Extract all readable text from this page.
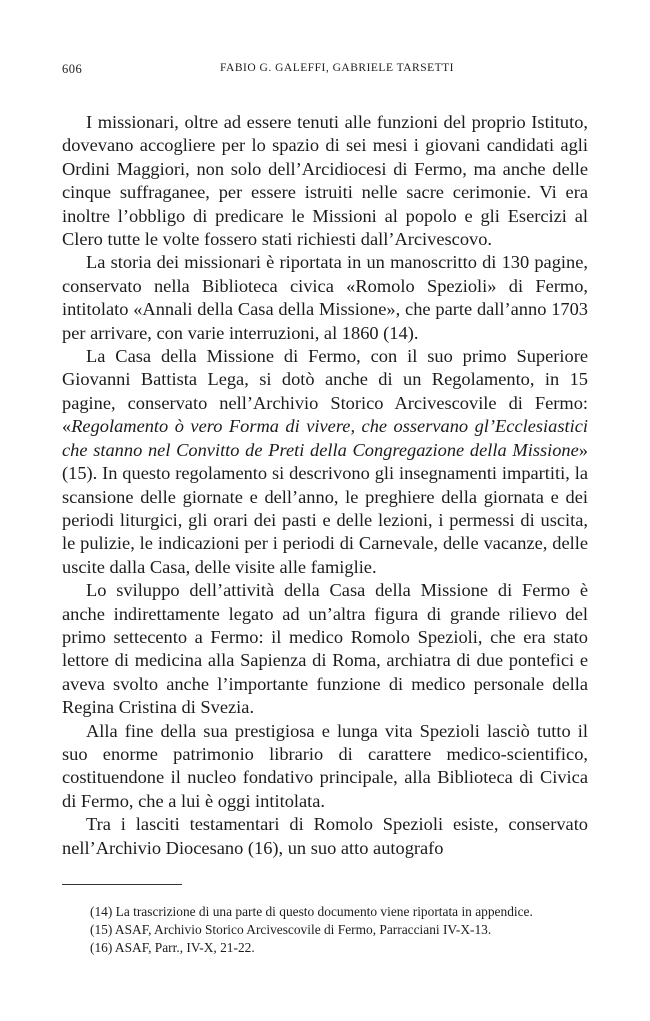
606	FABIO G. GALEFFI, GABRIELE TARSETTI

I missionari, oltre ad essere tenuti alle funzioni del proprio Istituto, dovevano accogliere per lo spazio di sei mesi i giovani candidati agli Ordini Maggiori, non solo dell’Arcidiocesi di Fermo, ma anche delle cinque suffraganee, per essere istruiti nelle sacre cerimonie. Vi era inoltre l’obbligo di predicare le Missioni al popolo e gli Esercizi al Clero tutte le volte fossero stati richiesti dall’Arcivescovo.

La storia dei missionari è riportata in un manoscritto di 130 pagine, conservato nella Biblioteca civica «Romolo Spezioli» di Fermo, intitolato «Annali della Casa della Missione», che parte dall’anno 1703 per arrivare, con varie interruzioni, al 1860 (14).

La Casa della Missione di Fermo, con il suo primo Superiore Giovanni Battista Lega, si dotò anche di un Regolamento, in 15 pagine, conservato nell’Archivio Storico Arcivescovile di Fermo: «Regolamento ò vero Forma di vivere, che osservano gl’Ecclesiastici che stanno nel Convitto de Preti della Congregazione della Missione» (15). In questo regolamento si descrivono gli insegnamenti impartiti, la scansione delle giornate e dell’anno, le preghiere della giornata e dei periodi liturgici, gli orari dei pasti e delle lezioni, i permessi di uscita, le pulizie, le indicazioni per i periodi di Carnevale, delle vacanze, delle uscite dalla Casa, delle visite alle famiglie.

Lo sviluppo dell’attività della Casa della Missione di Fermo è anche indirettamente legato ad un’altra figura di grande rilievo del primo settecento a Fermo: il medico Romolo Spezioli, che era stato lettore di medicina alla Sapienza di Roma, archiatra di due pontefici e aveva svolto anche l’importante funzione di medico personale della Regina Cristina di Svezia.

Alla fine della sua prestigiosa e lunga vita Spezioli lasciò tutto il suo enorme patrimonio librario di carattere medico-scientifico, costituendone il nucleo fondativo principale, alla Biblioteca di Civica di Fermo, che a lui è oggi intitolata.

Tra i lasciti testamentari di Romolo Spezioli esiste, conservato nell’Archivio Diocesano (16), un suo atto autografo

(14) La trascrizione di una parte di questo documento viene riportata in appendice.

(15) ASAF, Archivio Storico Arcivescovile di Fermo, Parracciani IV-X-13.

(16) ASAF, Parr., IV-X, 21-22.
